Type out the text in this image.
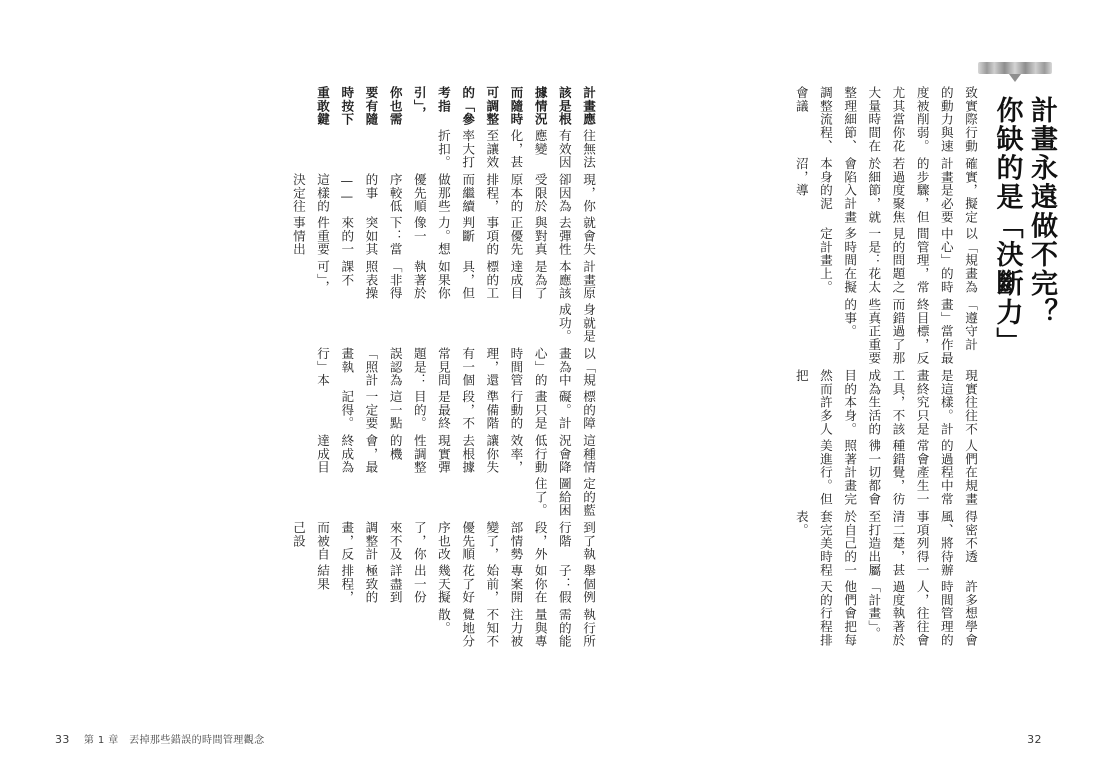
計畫永遠做不完？
你缺的是「決斷力」

致實際行動的動力與速度被削弱。尤其當你花大量時間在整理細節、調整流程、會議

確實，擬定計畫是必要的步驟，但若過度聚焦於細節，就會陷入計畫本身的泥沼，導

以「規畫為中心」的時間管理，常見的問題之一是：花太多時間在擬定計畫上。

「遵守計畫」當作最終目標，反而錯過了那些真正重要的事。

現實往往不是這樣。計畫終究只是工具，不該成為生活的目的本身。然而許多人把

人們在規畫的過程中常常會產生一種錯覺，彷彿一切都會照著計畫完美進行。但

得密不透風、將待辦事項列得一清二楚，甚至打造出屬於自己的一套完美時程表。

許多想學會時間管理的人，往往會過度執著於「計畫」。他們會把每天的行程排

32

計畫應該是根據情況而隨時可調整的「參考指引」，你也需要有隨時按下重敢鍵

往無法有效因應變化，甚至讓效率大打折扣。

現，你卻因為受限於原本的排程，而繼續做那些優先順序較低的事——這樣的決定往

就會失去彈性與對真正優先事項的判斷力。想像一下：當突如其來的一件重要事情出

計畫原本應該是為了達成目標的工具，但如果你執著於「非得照表操課不可」，

身就是成功。

以「規畫為中心」的時間管理，還有一個常見問題是：誤認為「照計畫執行」本

標的障礙。計畫只是行動的準備階段，不是最終目的。這一點一定要記得。

這種情況會降低行動效率，讓你失去根據現實彈性調整的機會，最終成為達成目

定的藍圖給困住了。

到了執行階段，外部情勢變了，優先順序也改了，你來不及調整計畫，反而被自己設

舉個例子：假如你在專案開始前，花了好幾天擬出一份詳盡到極致的排程，結果

執行所需的能量與專注力被不知不覺地分散。

33 第 1 章　丟掉那些錯誤的時間管理觀念
